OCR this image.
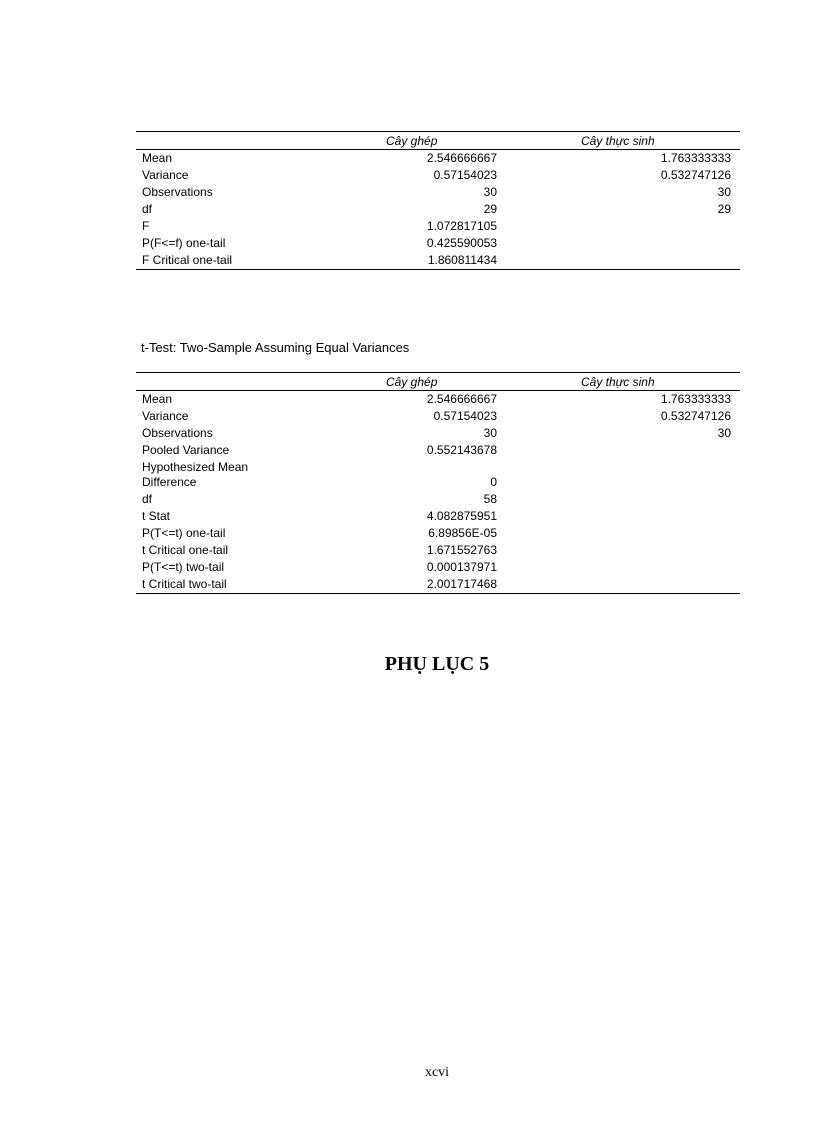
Cây ghép	Cây thực sinh
Mean	2.546666667	1.763333333
Variance	0.57154023	0.532747126
Observations	30	30
df	29	29
F	1.072817105
P(F<=f) one-tail	0.425590053
F Critical one-tail	1.860811434
t-Test: Two-Sample Assuming Equal Variances
Cây ghép	Cây thực sinh
Mean	2.546666667	1.763333333
Variance	0.57154023	0.532747126
Observations	30	30
Pooled Variance	0.552143678
Hypothesized Mean Difference	0
df	58
t Stat	4.082875951
P(T<=t) one-tail	6.89856E-05
t Critical one-tail	1.671552763
P(T<=t) two-tail	0.000137971
t Critical two-tail	2.001717468
PHỤ LỤC 5
xcvi
